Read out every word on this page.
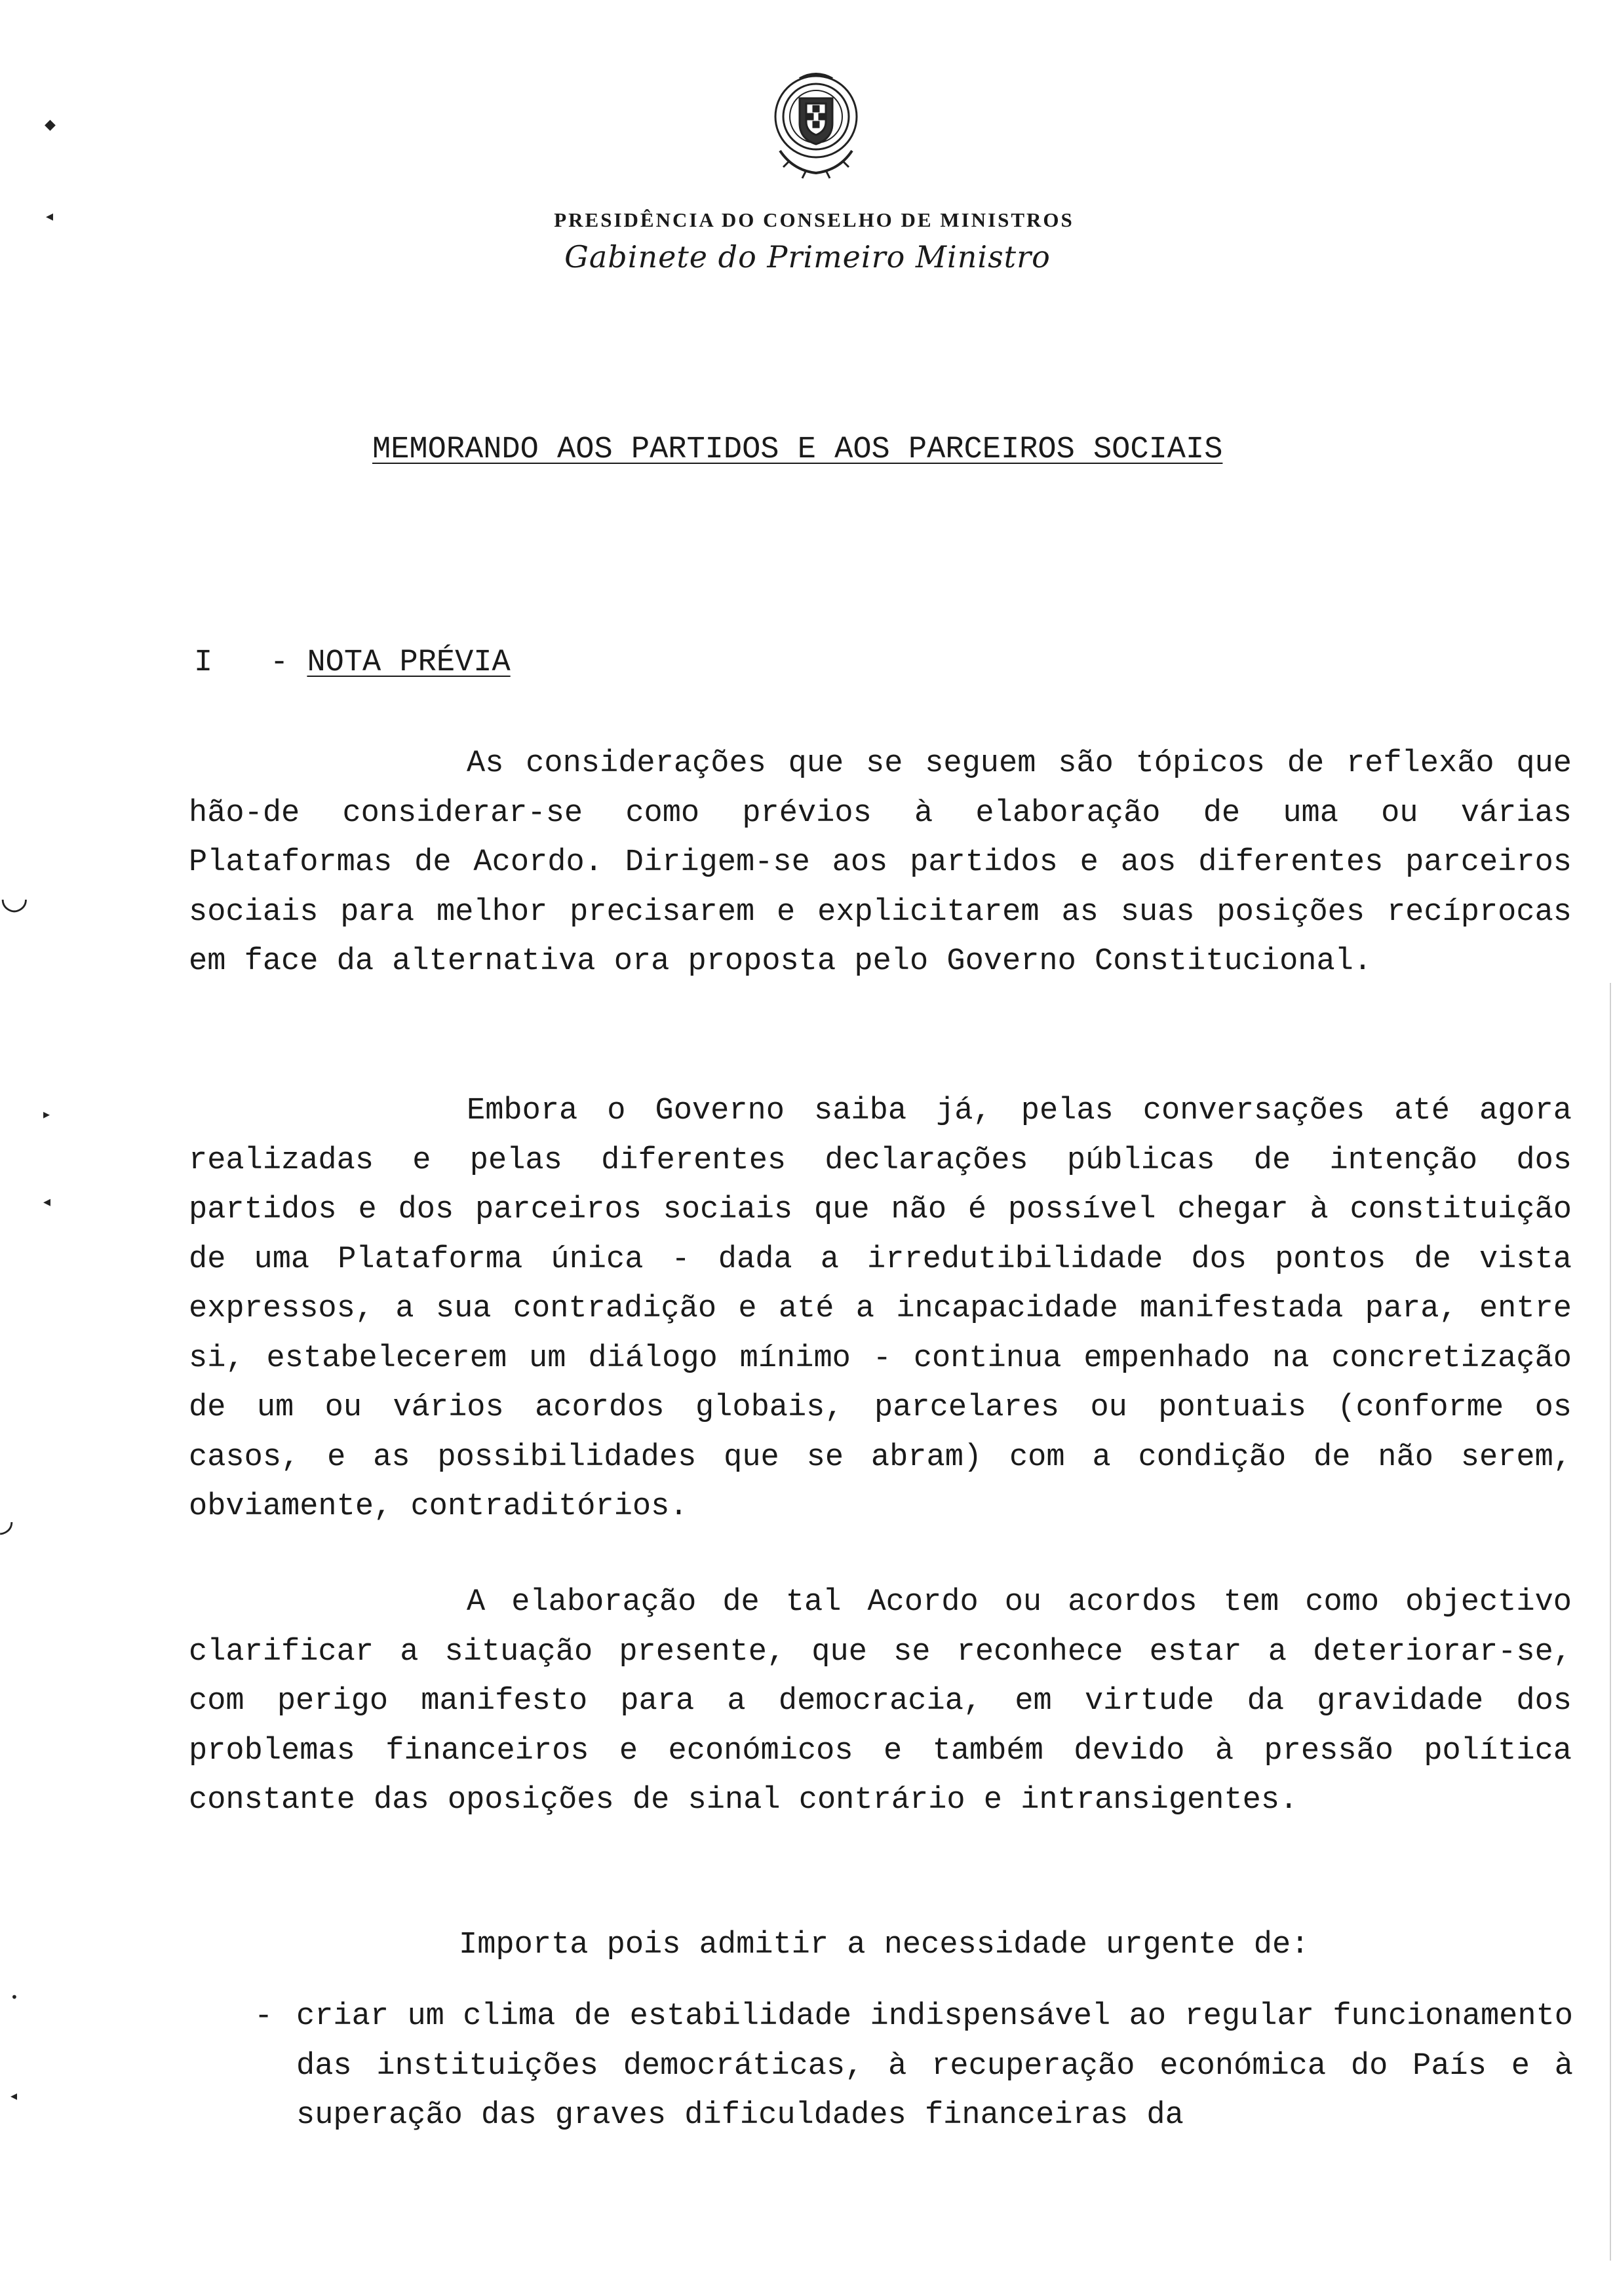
PRESIDÊNCIA DO CONSELHO DE MINISTROS
Gabinete do Primeiro Ministro
MEMORANDO AOS PARTIDOS E AOS PARCEIROS SOCIAIS
I - NOTA PRÉVIA

As considerações que se seguem são tópicos de reflexão que hão-de considerar-se como prévios à elaboração de uma ou várias Plataformas de Acordo. Dirigem-se aos partidos e aos diferentes parceiros sociais para melhor precisarem e explicitarem as suas posições recíprocas em face da alternativa ora proposta pelo Governo Constitucional.

Embora o Governo saiba já, pelas conversações até agora realizadas e pelas diferentes declarações públicas de intenção dos partidos e dos parceiros sociais que não é possível chegar à constituição de uma Plataforma única - dada a irredutibilidade dos pontos de vista expressos, a sua contradição e até a incapacidade manifestada para, entre si, estabelecerem um diálogo mínimo - continua empenhado na concretização de um ou vários acordos globais, parcelares ou pontuais (conforme os casos, e as possibilidades que se abram) com a condição de não serem, obviamente, contraditórios.

A elaboração de tal Acordo ou acordos tem como objectivo clarificar a situação presente, que se reconhece estar a deteriorar-se, com perigo manifesto para a democracia, em virtude da gravidade dos problemas financeiros e económicos e também devido à pressão política constante das oposições de sinal contrário e intransigentes.

Importa pois admitir a necessidade urgente de:

- criar um clima de estabilidade indispensável ao regular funcionamento das instituições democráticas, à recuperação económica do País e à superação das graves dificuldades financeiras da
◆
◂
◡
▸
◂
◞
•
◂
